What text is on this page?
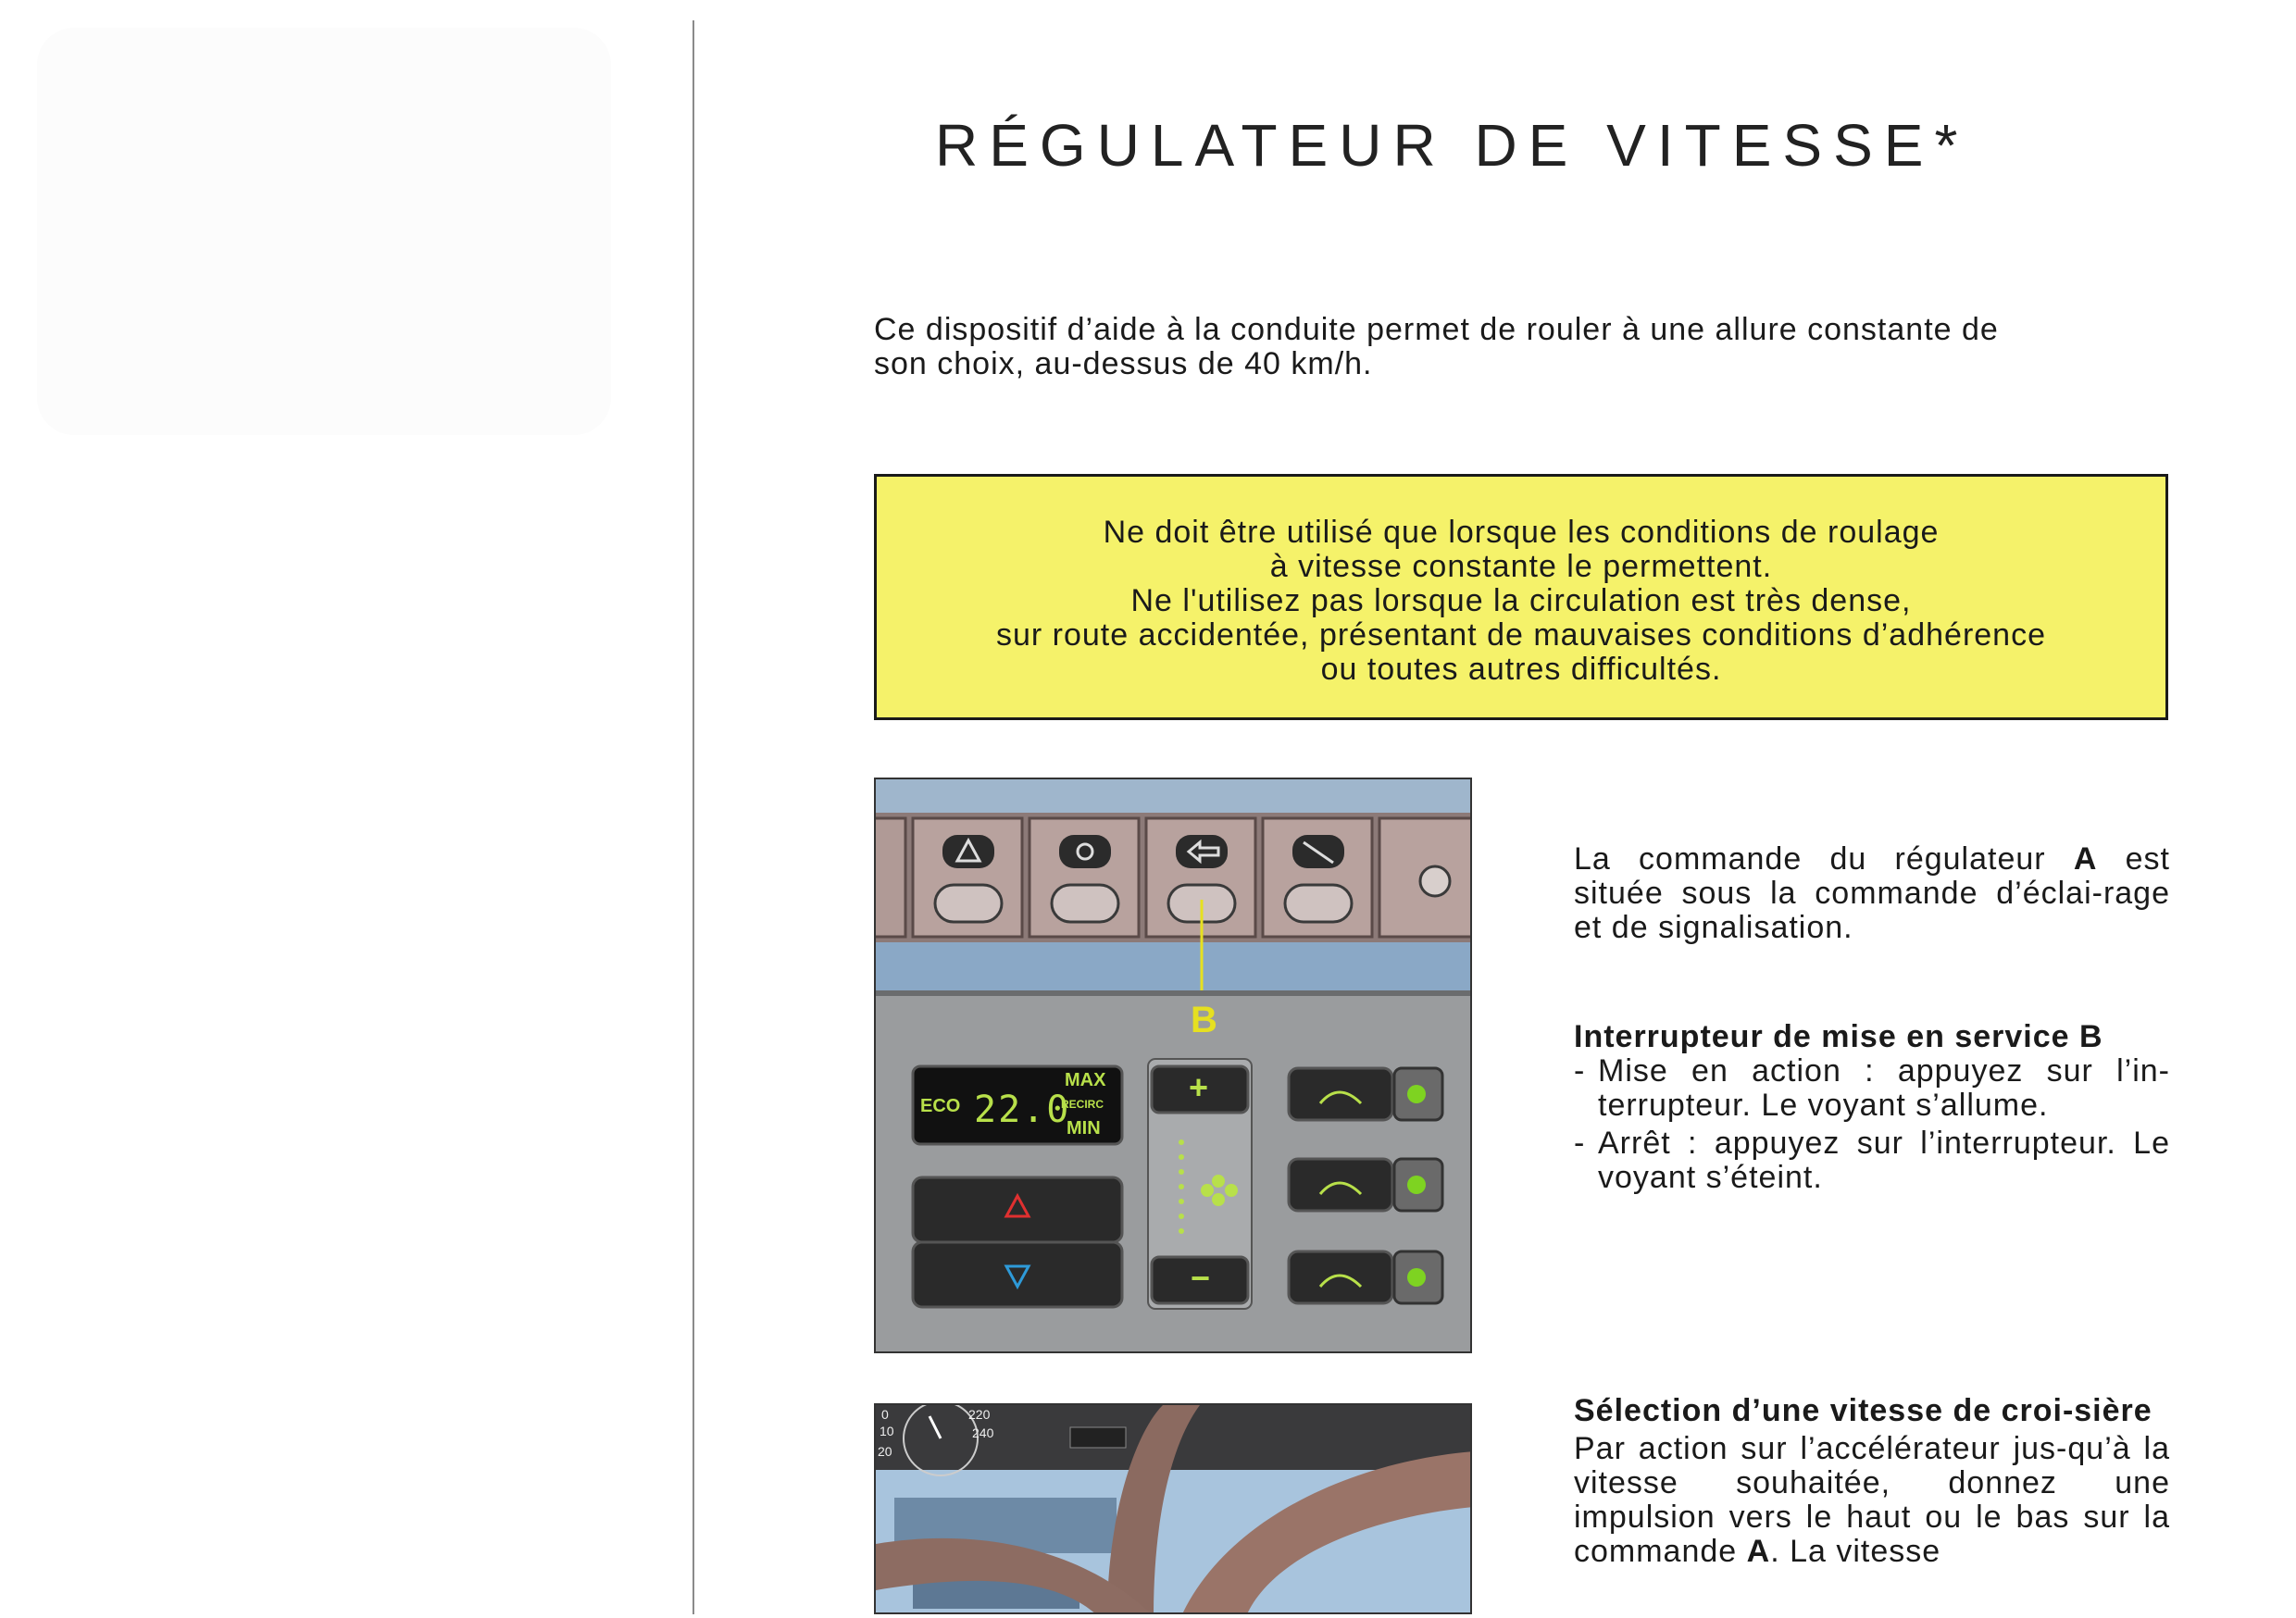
RÉGULATEUR DE VITESSE*
Ce dispositif d’aide à la conduite permet de rouler à une allure constante de
son choix, au-dessus de 40 km/h.
Ne doit être utilisé que lorsque les conditions de roulage
à vitesse constante le permettent.
Ne l'utilisez pas lorsque la circulation est très dense,
sur route accidentée, présentant de mauvaises conditions d’adhérence
ou toutes autres difficultés.
B
ECO 22.0
MAX
RECIRC
MIN
+
−
220
240
20
10
0

La commande du régulateur A est située sous la commande d’éclai-rage et de signalisation.

Interrupteur de mise en service B
- Mise en action : appuyez sur l’in-terrupteur. Le voyant s’allume.

- Arrêt : appuyez sur l’interrupteur. Le voyant s’éteint.

Sélection d’une vitesse de croi-sière

Par action sur l’accélérateur jus-qu’à la vitesse souhaitée, donnez une impulsion vers le haut ou le bas sur la commande A. La vitesse
